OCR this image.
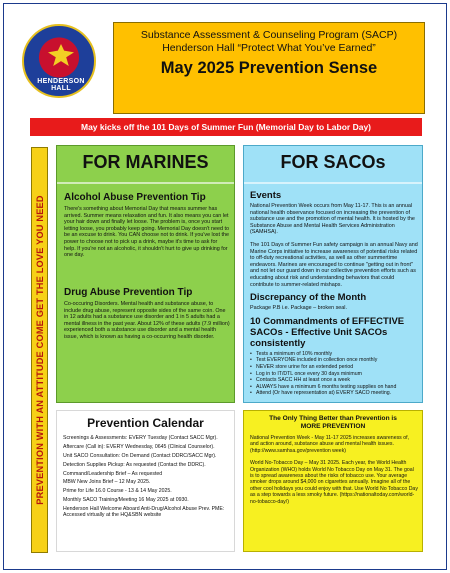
HENDERSON HALL
Substance Assessment & Counseling Program (SACP)
Henderson Hall “Protect What You’ve Earned”
May 2025 Prevention Sense
May kicks off the 101 Days of Summer Fun (Memorial Day to Labor Day)
PREVENTION WITH AN ATTITUDE COME GET THE LOVE YOU NEED
FOR MARINES
Alcohol Abuse Prevention Tip
There's something about Memorial Day that means summer has arrived. Summer means relaxation and fun. It also means you can let your hair down and finally let loose. The problem is, once you start letting loose, you probably keep going. Memorial Day doesn't need to be an excuse to drink. You CAN choose not to drink. If you've lost the power to choose not to pick up a drink, maybe it's time to ask for help. If you're not an alcoholic, it shouldn't hurt to give up drinking for one day.
Drug Abuse Prevention Tip
Co-occuring Disorders. Mental health and substance abuse, to include drug abuse, represent opposite sides of the same coin. One in 12 adults had a substance use disorder and 1 in 5 adults had a mental illness in the past year. About 12% of these adults (7.9 million) experienced both a substance use disorder and a mental health issue, which is known as having a co-occurring health disorder.
FOR SACOs
Events
National Prevention Week occurs from May 11-17. This is an annual national health observance focused on increasing the prevention of substance use and the promotion of mental health. It is hosted by the Substance Abuse and Mental Health Services Administration (SAMHSA).
The 101 Days of Summer Fun safety campaign is an annual Navy and Marine Corps initiative to increase awareness of potential risks related to off-duty recreational activities, as well as other summertime endeavors. Marines are encouraged to continue "getting out in front" and not let our guard down in our collective prevention efforts such as educating about risk and understanding behaviors that could contribute to summer-related mishaps.
Discrepancy of the Month
Package P.B i.e. Package – broken seal.
10 Commandments of EFFECTIVE SACOs - Effective Unit SACOs consistently
• Tests a minimum of 10% monthly
• Test EVERYONE included in collection once monthly
• NEVER store urine for an extended period
• Log in to IT/DTL once every 30 days minimum
• Contacts SACC HH at least once a week
• ALWAYS have a minimum 6 months testing supplies on hand
• Attend (Or have representation at) EVERY SACO meeting.
Prevention Calendar
Screenings & Assessments: EVERY Tuesday (Contact SACC Mgr).
Aftercare (Call in): EVERY Wednesday, 0645 (Clinical Counselor).
Unit SACO Consultation: On Demand (Contact DDRC/SACC Mgr).
Detection Supplies Pickup: As requested (Contact the DDRC).
Command/Leadership Brief – As requested
MBW New Joins Brief – 12 May 2025.
Prime for Life 16.0 Course - 13 & 14 May 2025.
Monthly SACO Training/Meeting 16 May 2025 at 0930.
Henderson Hall Welcome Aboard Anti-Drug/Alcohol Abuse Prev. PME: Accessed virtually at the HQ&SBN website
The Only Thing Better than Prevention is
MORE PREVENTION
National Prevention Week - May 11-17 2025 increases awareness of, and action around, substance abuse and mental health issues. (http://www.samhsa.gov/prevention week)
World No-Tobacco Day – May 31 2025. Each year, the World Health Organization (WHO) holds World No Tobacco Day on May 31. The goal is to spread awareness about the risks of tobacco use. Your average smoker drops around $4,000 on cigarettes annually. Imagine all of the other cool holidays you could enjoy with that. Use World No Tobacco Day as a step towards a less smoky future. (https://nationaltoday.com/world-no-tobacco-day/)
